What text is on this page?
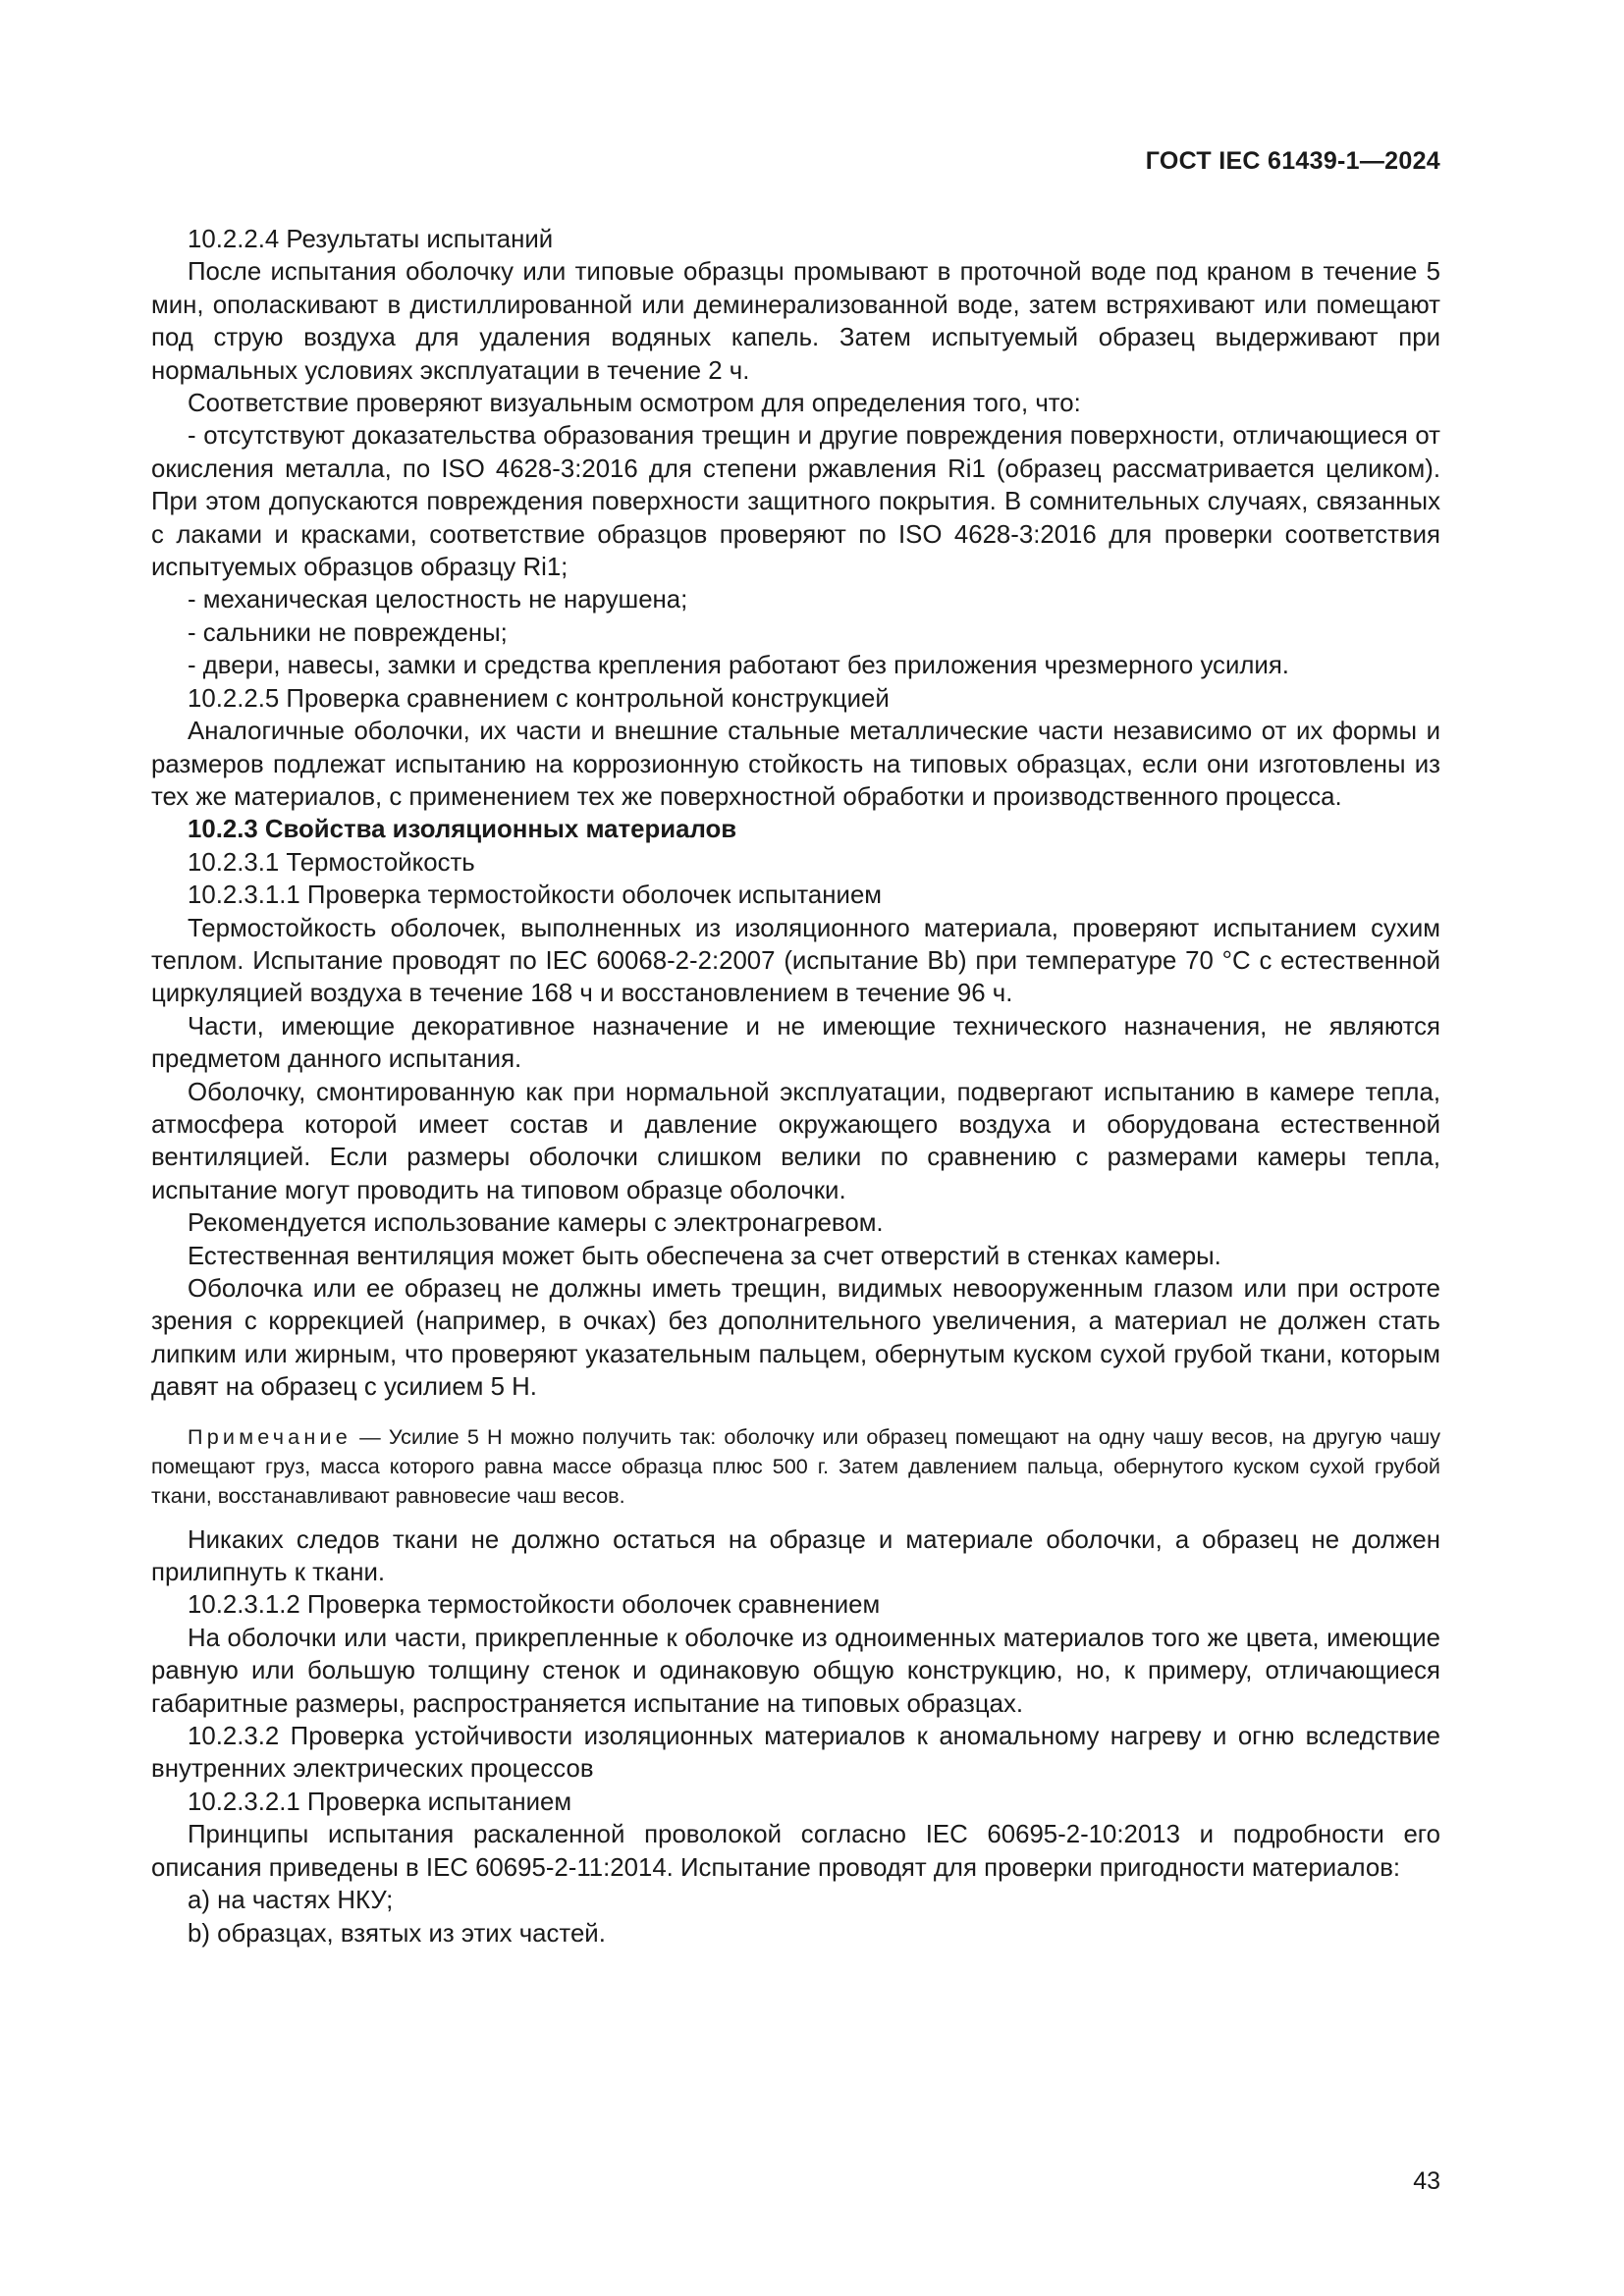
ГОСТ IEC 61439-1—2024

10.2.2.4 Результаты испытаний

После испытания оболочку или типовые образцы промывают в проточной воде под краном в течение 5 мин, ополаскивают в дистиллированной или деминерализованной воде, затем встряхивают или помещают под струю воздуха для удаления водяных капель. Затем испытуемый образец выдерживают при нормальных условиях эксплуатации в течение 2 ч.

Соответствие проверяют визуальным осмотром для определения того, что:

- отсутствуют доказательства образования трещин и другие повреждения поверхности, отличающиеся от окисления металла, по ISO 4628-3:2016 для степени ржавления Ri1 (образец рассматривается целиком). При этом допускаются повреждения поверхности защитного покрытия. В сомнительных случаях, связанных с лаками и красками, соответствие образцов проверяют по ISO 4628-3:2016 для проверки соответствия испытуемых образцов образцу Ri1;

- механическая целостность не нарушена;

- сальники не повреждены;

- двери, навесы, замки и средства крепления работают без приложения чрезмерного усилия.

10.2.2.5 Проверка сравнением с контрольной конструкцией

Аналогичные оболочки, их части и внешние стальные металлические части независимо от их формы и размеров подлежат испытанию на коррозионную стойкость на типовых образцах, если они изготовлены из тех же материалов, с применением тех же поверхностной обработки и производственного процесса.

10.2.3 Свойства изоляционных материалов

10.2.3.1 Термостойкость

10.2.3.1.1 Проверка термостойкости оболочек испытанием

Термостойкость оболочек, выполненных из изоляционного материала, проверяют испытанием сухим теплом. Испытание проводят по IEC 60068-2-2:2007 (испытание Bb) при температуре 70 °C с естественной циркуляцией воздуха в течение 168 ч и восстановлением в течение 96 ч.

Части, имеющие декоративное назначение и не имеющие технического назначения, не являются предметом данного испытания.

Оболочку, смонтированную как при нормальной эксплуатации, подвергают испытанию в камере тепла, атмосфера которой имеет состав и давление окружающего воздуха и оборудована естественной вентиляцией. Если размеры оболочки слишком велики по сравнению с размерами камеры тепла, испытание могут проводить на типовом образце оболочки.

Рекомендуется использование камеры с электронагревом.

Естественная вентиляция может быть обеспечена за счет отверстий в стенках камеры.

Оболочка или ее образец не должны иметь трещин, видимых невооруженным глазом или при остроте зрения с коррекцией (например, в очках) без дополнительного увеличения, а материал не должен стать липким или жирным, что проверяют указательным пальцем, обернутым куском сухой грубой ткани, которым давят на образец с усилием 5 Н.

Примечание — Усилие 5 Н можно получить так: оболочку или образец помещают на одну чашу весов, на другую чашу помещают груз, масса которого равна массе образца плюс 500 г. Затем давлением пальца, обернутого куском сухой грубой ткани, восстанавливают равновесие чаш весов.

Никаких следов ткани не должно остаться на образце и материале оболочки, а образец не должен прилипнуть к ткани.

10.2.3.1.2 Проверка термостойкости оболочек сравнением

На оболочки или части, прикрепленные к оболочке из одноименных материалов того же цвета, имеющие равную или большую толщину стенок и одинаковую общую конструкцию, но, к примеру, отличающиеся габаритные размеры, распространяется испытание на типовых образцах.

10.2.3.2 Проверка устойчивости изоляционных материалов к аномальному нагреву и огню вследствие внутренних электрических процессов

10.2.3.2.1 Проверка испытанием

Принципы испытания раскаленной проволокой согласно IEC 60695-2-10:2013 и подробности его описания приведены в IEC 60695-2-11:2014. Испытание проводят для проверки пригодности материалов:

a) на частях НКУ;

b) образцах, взятых из этих частей.

43
